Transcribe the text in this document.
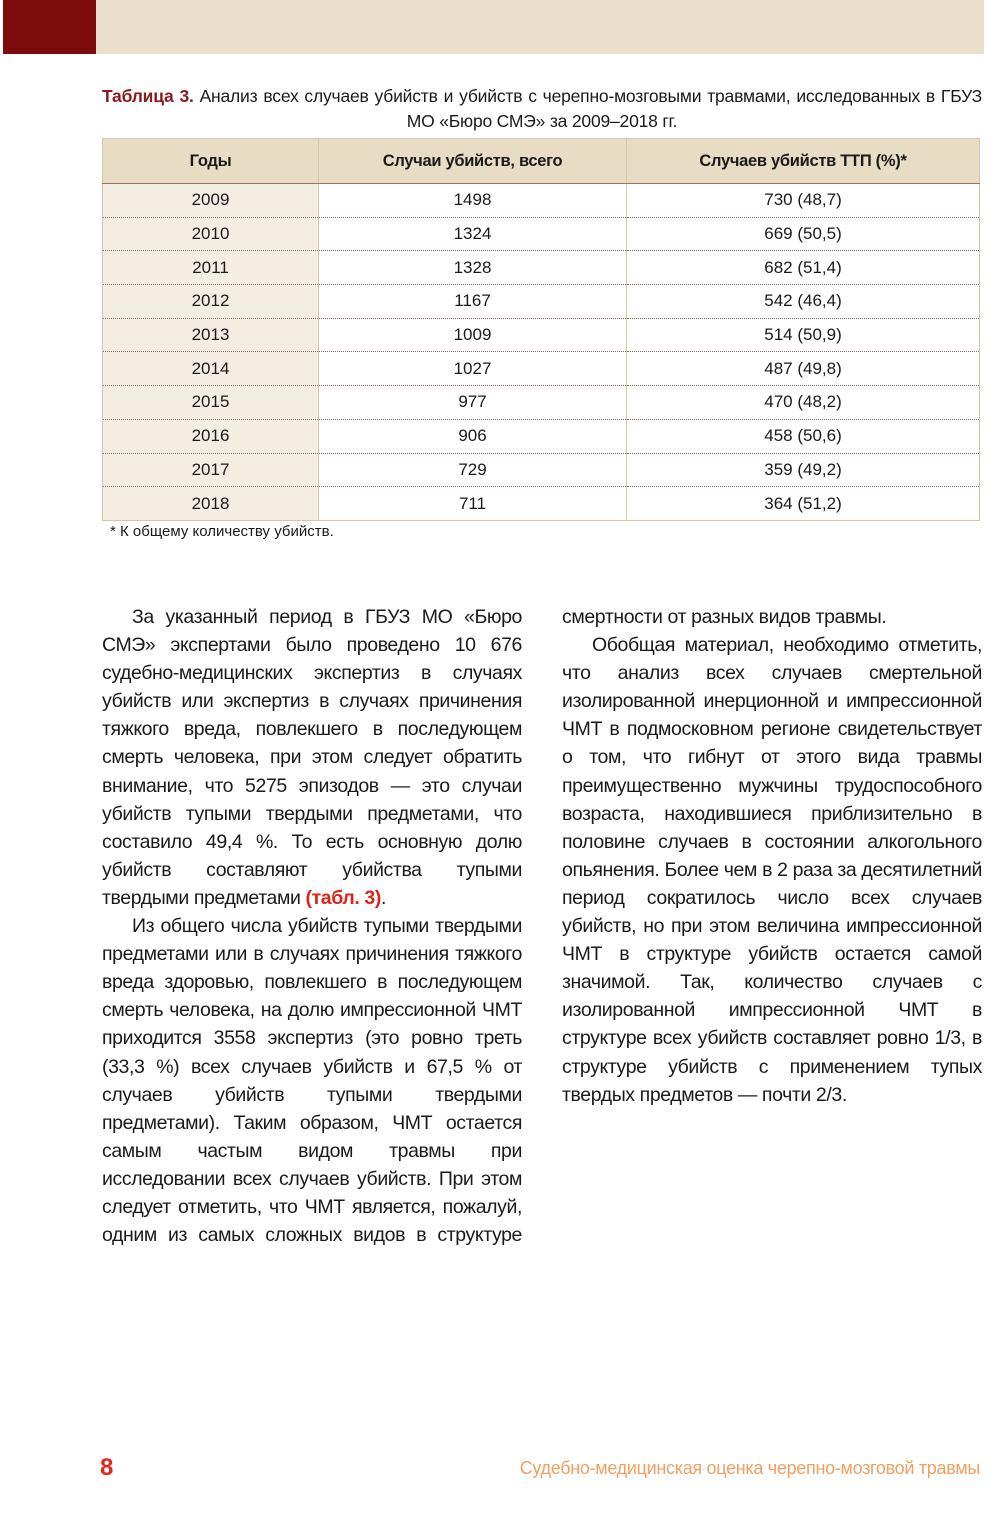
Таблица 3. Анализ всех случаев убийств и убийств с черепно-мозговыми травмами, исследованных в ГБУЗ МО «Бюро СМЭ» за 2009–2018 гг.
Годы	Случаи убийств, всего	Случаев убийств ТТП (%)*
2009	1498	730 (48,7)
2010	1324	669 (50,5)
2011	1328	682 (51,4)
2012	1167	542 (46,4)
2013	1009	514 (50,9)
2014	1027	487 (49,8)
2015	977	470 (48,2)
2016	906	458 (50,6)
2017	729	359 (49,2)
2018	711	364 (51,2)
* К общему количеству убийств.

За указанный период в ГБУЗ МО «Бюро СМЭ» экспертами было проведено 10 676 судебно-медицинских экспертиз в случаях убийств или экспертиз в случаях причинения тяжкого вреда, повлекшего в последующем смерть человека, при этом следует обратить внимание, что 5275 эпизодов — это случаи убийств тупыми твердыми предметами, что составило 49,4 %. То есть основную долю убийств составляют убийства тупыми твердыми предметами (табл. 3).

Из общего числа убийств тупыми твердыми предметами или в случаях причинения тяжкого вреда здоровью, повлекшего в последующем смерть человека, на долю импрессионной ЧМТ приходится 3558 экспертиз (это ровно треть (33,3 %) всех случаев убийств и 67,5 % от случаев убийств тупыми твердыми предметами). Таким образом, ЧМТ остается самым частым видом травмы при исследовании всех случаев убийств. При этом следует отметить, что ЧМТ является, пожалуй, одним из самых сложных видов в структуре

смертности от разных видов травмы.

Обобщая материал, необходимо отметить, что анализ всех случаев смертельной изолированной инерционной и импрессионной ЧМТ в подмосковном регионе свидетельствует о том, что гибнут от этого вида травмы преимущественно мужчины трудоспособного возраста, находившиеся приблизительно в половине случаев в состоянии алкогольного опьянения. Более чем в 2 раза за десятилетний период сократилось число всех случаев убийств, но при этом величина импрессионной ЧМТ в структуре убийств остается самой значимой. Так, количество случаев с изолированной импрессионной ЧМТ в структуре всех убийств составляет ровно 1/3, в структуре убийств с применением тупых твердых предметов — почти 2/3.

8	Судебно-медицинская оценка черепно-мозговой травмы
